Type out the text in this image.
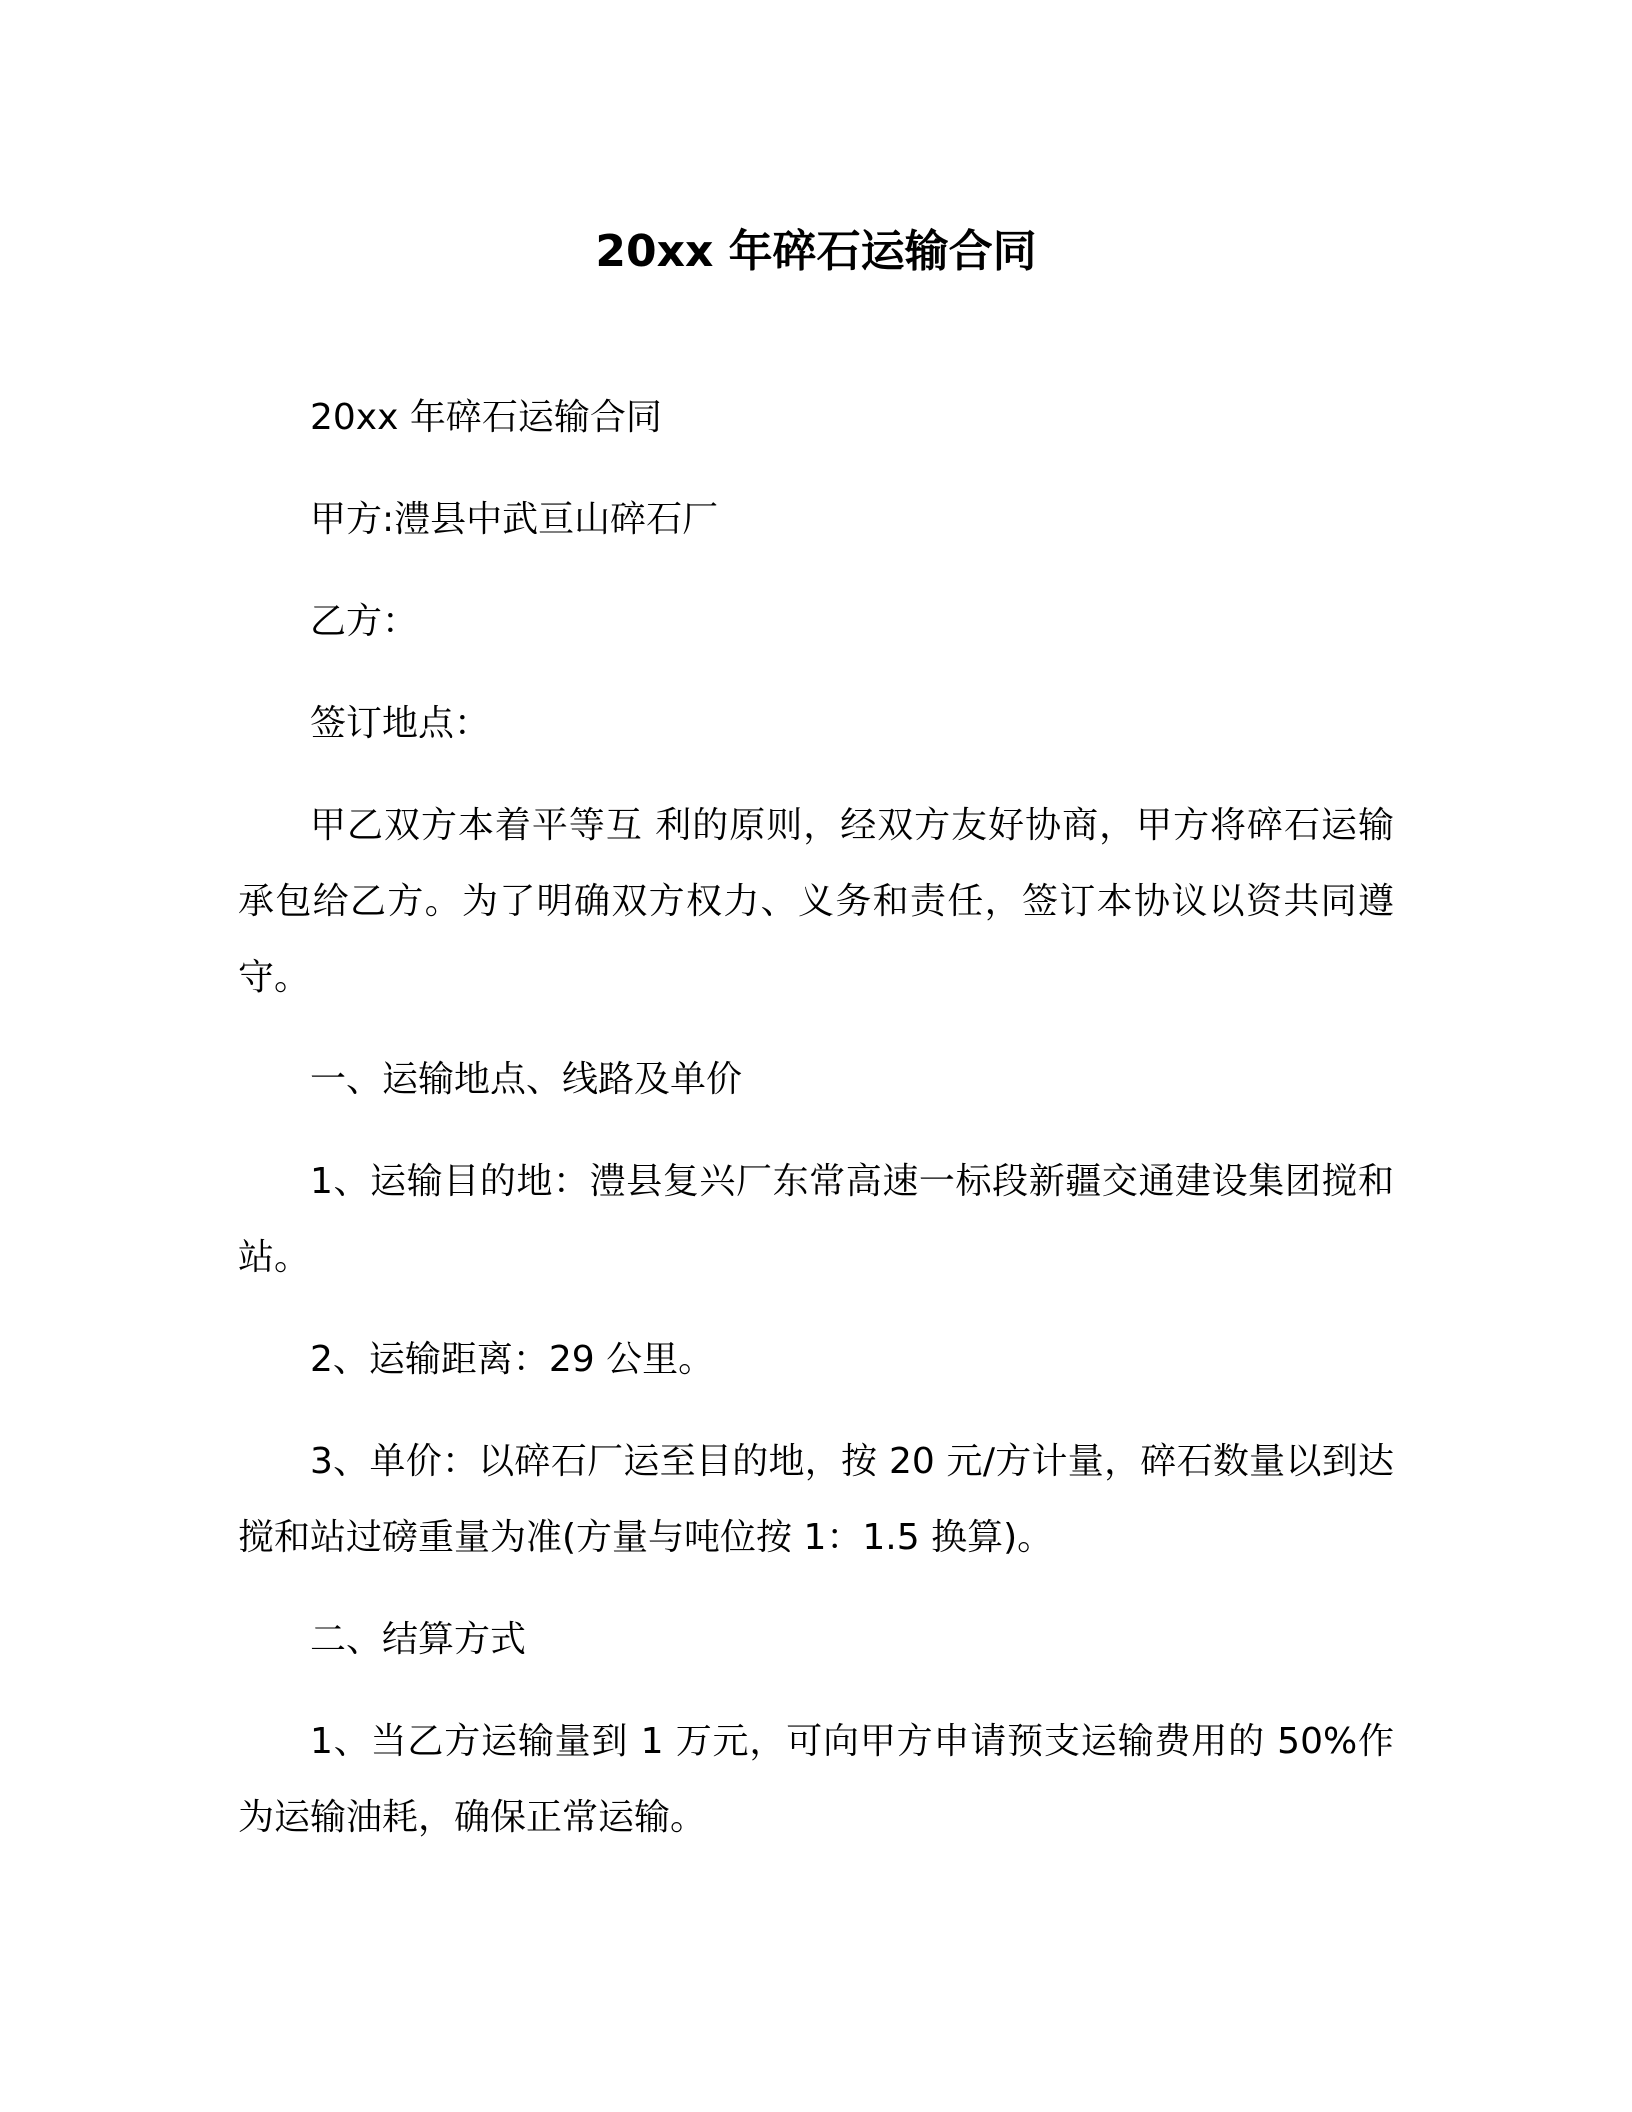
20xx 年碎石运输合同

20xx 年碎石运输合同

甲方:澧县中武亘山碎石厂

乙方：

签订地点：

甲乙双方本着平等互 利的原则，经双方友好协商，甲方将碎石运输承包给乙方。为了明确双方权力、义务和责任，签订本协议以资共同遵守。

一、运输地点、线路及单价

1、运输目的地：澧县复兴厂东常高速一标段新疆交通建设集团搅和站。

2、运输距离：29 公里。

3、单价：以碎石厂运至目的地，按 20 元/方计量，碎石数量以到达搅和站过磅重量为准(方量与吨位按 1：1.5 换算)。

二、结算方式

1、当乙方运输量到 1 万元，可向甲方申请预支运输费用的 50%作为运输油耗，确保正常运输。
